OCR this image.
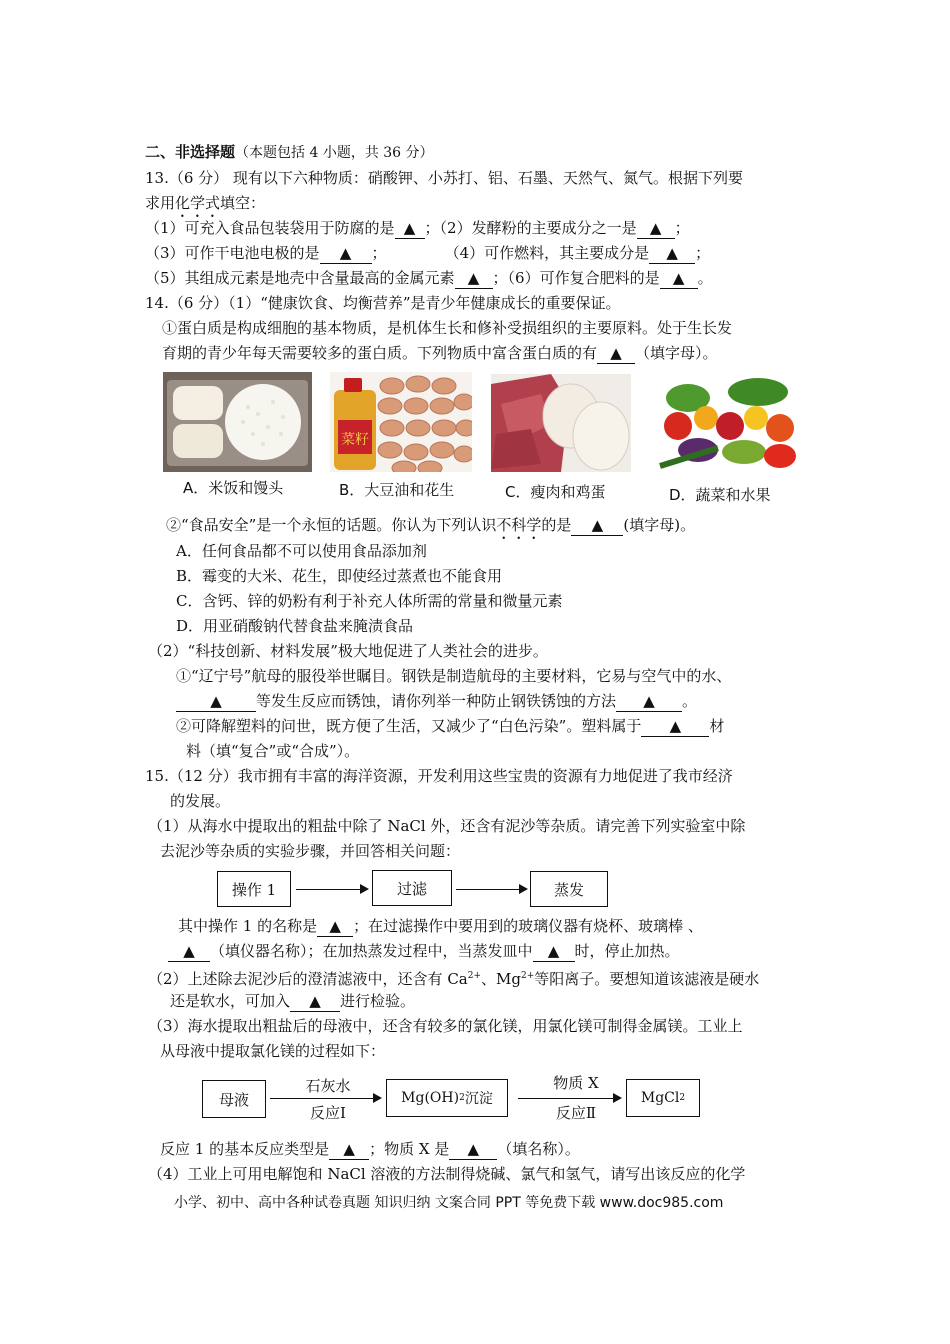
二、非选择题（本题包括 4 小题，共 36 分）
13.（6 分） 现有以下六种物质：硝酸钾、小苏打、铝、石墨、天然气、氮气。根据下列要
求用化学式填空：
（1）可充入食品包装袋用于防腐的是 ▲ ；（2）发酵粉的主要成分之一是 ▲ ；
（3）可作干电池电极的是 ▲ ；	（4）可作燃料，其主要成分是 ▲ ；
（5）其组成元素是地壳中含量最高的金属元素 ▲ ；（6）可作复合肥料的是 ▲ 。
14.（6 分）（1）“健康饮食、均衡营养”是青少年健康成长的重要保证。
①蛋白质是构成细胞的基本物质，是机体生长和修补受损组织的主要原料。处于生长发
育期的青少年每天需要较多的蛋白质。下列物质中富含蛋白质的有 ▲ （填字母）。
菜籽
A．米饭和馒头	B．大豆油和花生	C．瘦肉和鸡蛋	D．蔬菜和水果
②“食品安全”是一个永恒的话题。你认为下列认识不科学的是 ▲ (填字母)。
A．任何食品都不可以使用食品添加剂
B．霉变的大米、花生，即使经过蒸煮也不能食用
C．含钙、锌的奶粉有利于补充人体所需的常量和微量元素
D．用亚硝酸钠代替食盐来腌渍食品
（2）“科技创新、材料发展”极大地促进了人类社会的进步。
①“辽宁号”航母的服役举世瞩目。钢铁是制造航母的主要材料，它易与空气中的水、
▲ 等发生反应而锈蚀，请你列举一种防止钢铁锈蚀的方法 ▲ 。
②可降解塑料的问世，既方便了生活，又减少了“白色污染”。塑料属于 ▲ 材
料（填“复合”或“合成”）。
15.（12 分）我市拥有丰富的海洋资源，开发利用这些宝贵的资源有力地促进了我市经济
的发展。
（1）从海水中提取出的粗盐中除了 NaCl 外，还含有泥沙等杂质。请完善下列实验室中除
去泥沙等杂质的实验步骤，并回答相关问题：
操作 1	过滤	蒸发
其中操作 1 的名称是 ▲ ；在过滤操作中要用到的玻璃仪器有烧杯、玻璃棒 、
▲ （填仪器名称）；在加热蒸发过程中，当蒸发皿中 ▲ 时，停止加热。
（2）上述除去泥沙后的澄清滤液中，还含有 $Ca^{2+}$、$Mg^{2+}$等阳离子。要想知道该滤液是硬水
还是软水，可加入 ▲ 进行检验。
（3）海水提取出粗盐后的母液中，还含有较多的氯化镁，用氯化镁可制得金属镁。工业上
从母液中提取氯化镁的过程如下：
母液
石灰水
反应Ⅰ
Mg(OH) 2 沉淀
物质 X
反应Ⅱ
MgCl 2
反应 1 的基本反应类型是 ▲ ；物质 X 是 ▲ （填名称）。
（4）工业上可用电解饱和 NaCl 溶液的方法制得烧碱、氯气和氢气，请写出该反应的化学
小学、初中、高中各种试卷真题 知识归纳 文案合同 PPT 等免费下载 www.doc985.com
